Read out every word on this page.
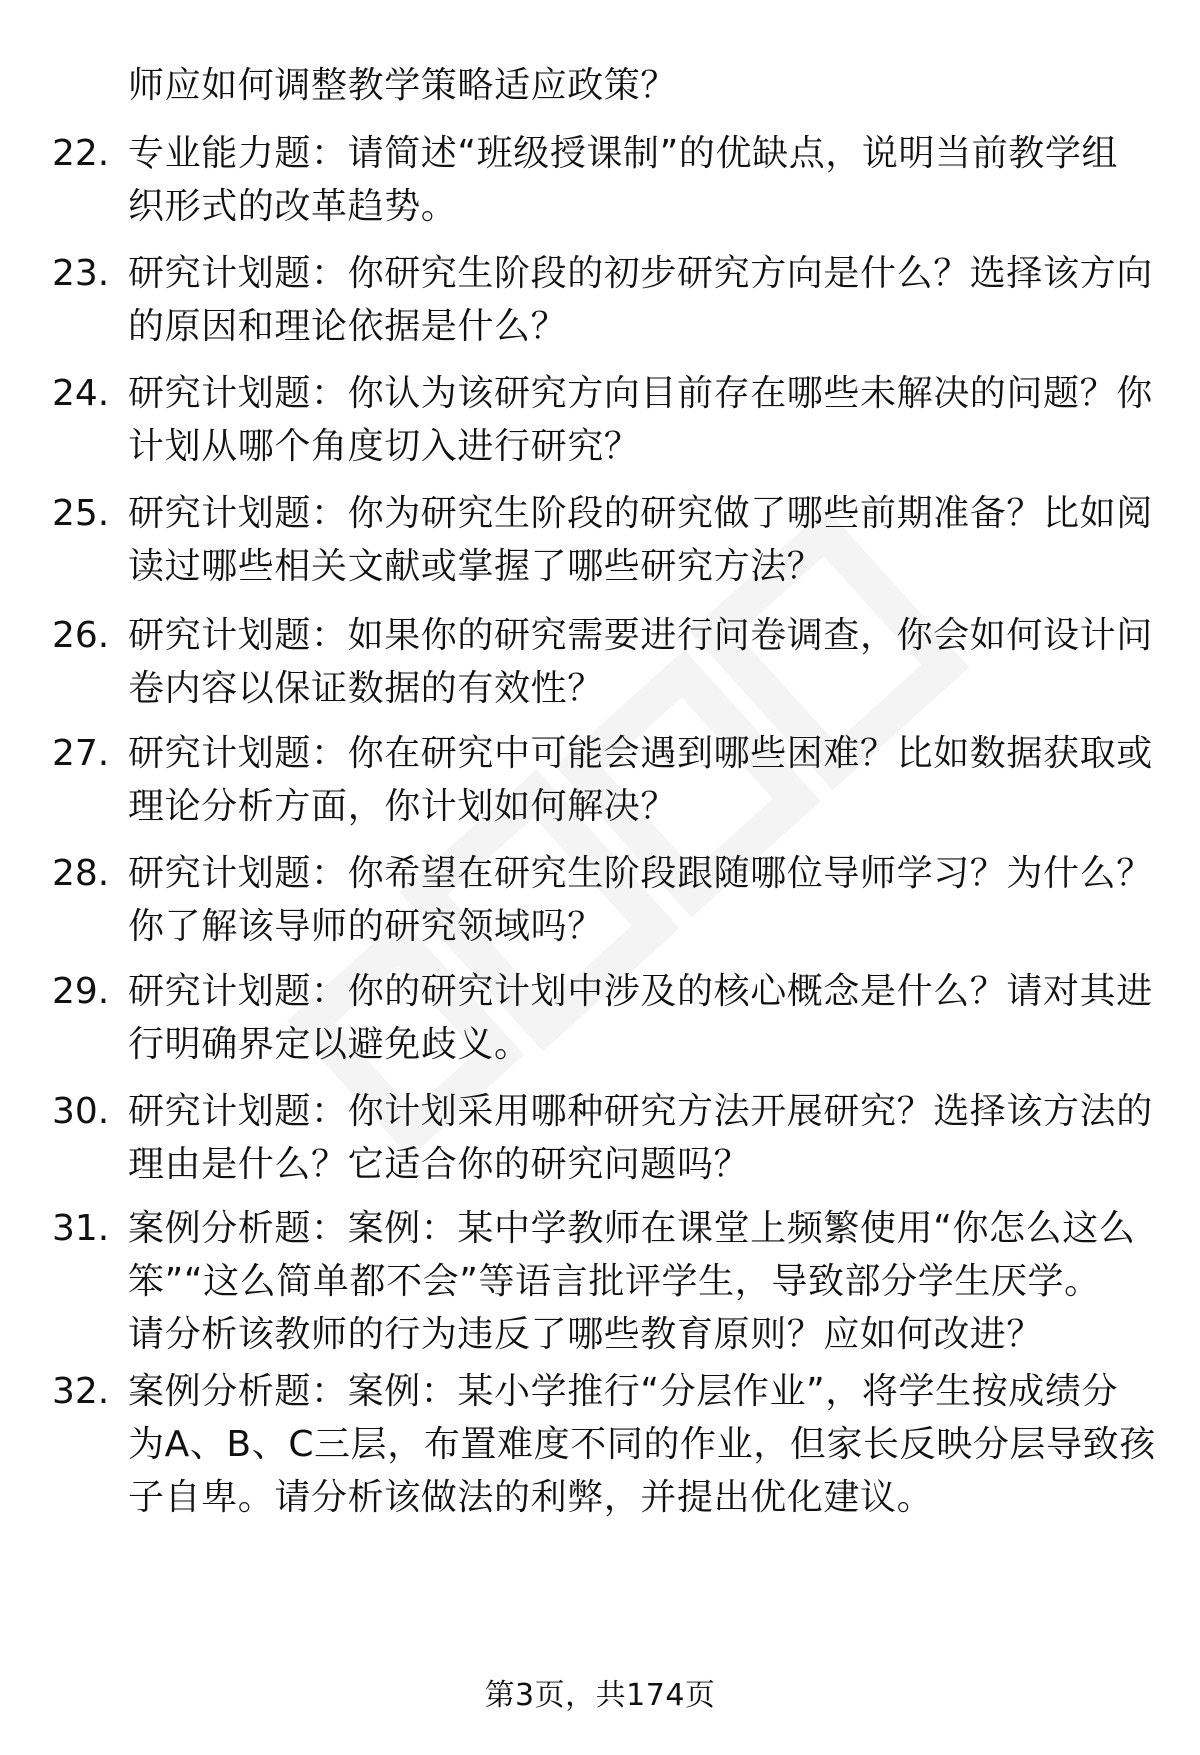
师应如何调整教学策略适应政策？
22. 专业能力题：请简述“班级授课制”的优缺点，说明当前教学组
织形式的改革趋势。
23. 研究计划题：你研究生阶段的初步研究方向是什么？选择该方向
的原因和理论依据是什么？
24. 研究计划题：你认为该研究方向目前存在哪些未解决的问题？你
计划从哪个角度切入进行研究？
25. 研究计划题：你为研究生阶段的研究做了哪些前期准备？比如阅
读过哪些相关文献或掌握了哪些研究方法？
26. 研究计划题：如果你的研究需要进行问卷调查，你会如何设计问
卷内容以保证数据的有效性？
27. 研究计划题：你在研究中可能会遇到哪些困难？比如数据获取或
理论分析方面，你计划如何解决？
28. 研究计划题：你希望在研究生阶段跟随哪位导师学习？为什么？
你了解该导师的研究领域吗？
29. 研究计划题：你的研究计划中涉及的核心概念是什么？请对其进
行明确界定以避免歧义。
30. 研究计划题：你计划采用哪种研究方法开展研究？选择该方法的
理由是什么？它适合你的研究问题吗？
31. 案例分析题：案例：某中学教师在课堂上频繁使用“你怎么这么
笨”“这么简单都不会”等语言批评学生，导致部分学生厌学。
请分析该教师的行为违反了哪些教育原则？应如何改进？
32. 案例分析题：案例：某小学推行“分层作业”，将学生按成绩分
为A、B、C三层，布置难度不同的作业，但家长反映分层导致孩
子自卑。请分析该做法的利弊，并提出优化建议。
第3页，共174页
